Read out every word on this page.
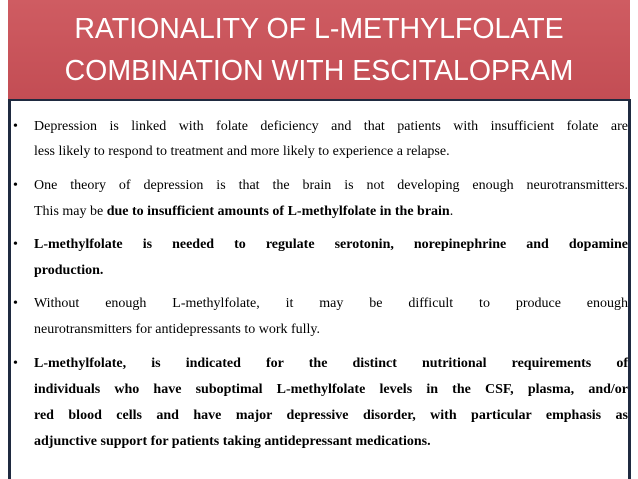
RATIONALITY OF L-METHYLFOLATE
COMBINATION WITH ESCITALOPRAM
•	Depression is linked with folate deficiency and that patients with insufficient folate are
less likely to respond to treatment and more likely to experience a relapse.
•	One theory of depression is that the brain is not developing enough neurotransmitters.
This may be due to insufficient amounts of L-methylfolate in the brain.
•	L-methylfolate is needed to regulate serotonin, norepinephrine and dopamine
production.
•	Without enough L-methylfolate, it may be difficult to produce enough
neurotransmitters for antidepressants to work fully.
•	L-methylfolate, is indicated for the distinct nutritional requirements of
individuals who have suboptimal L-methylfolate levels in the CSF, plasma, and/or
red blood cells and have major depressive disorder, with particular emphasis as
adjunctive support for patients taking antidepressant medications.
